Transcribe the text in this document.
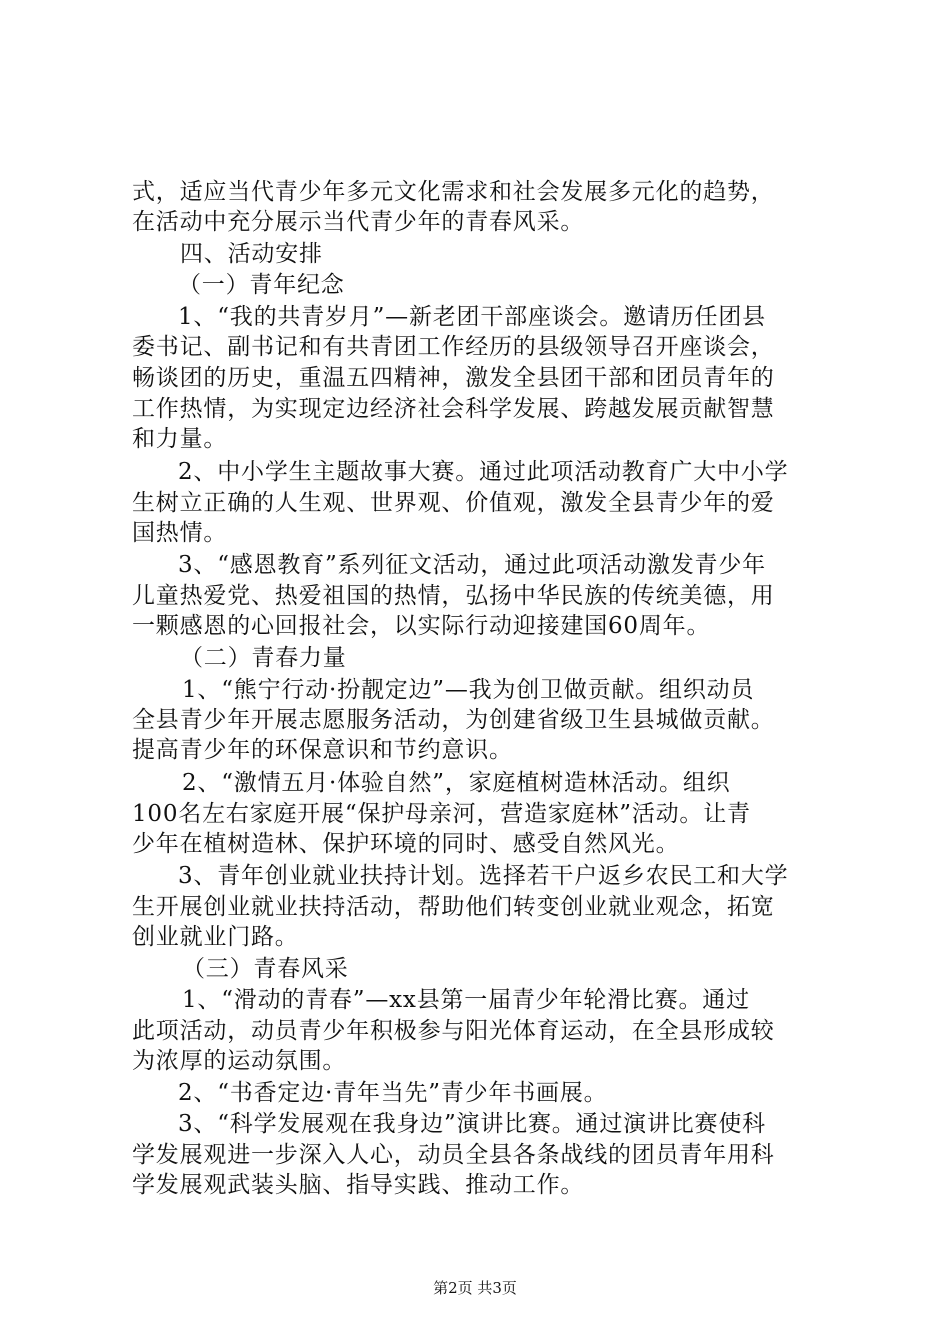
式，适应当代青少年多元文化需求和社会发展多元化的趋势，
在活动中充分展示当代青少年的青春风采。
四、活动安排
（一）青年纪念
1、“我的共青岁月”—新老团干部座谈会。邀请历任团县
委书记、副书记和有共青团工作经历的县级领导召开座谈会，
畅谈团的历史，重温五四精神，激发全县团干部和团员青年的
工作热情，为实现定边经济社会科学发展、跨越发展贡献智慧
和力量。
2、中小学生主题故事大赛。通过此项活动教育广大中小学
生树立正确的人生观、世界观、价值观，激发全县青少年的爱
国热情。
3、“感恩教育”系列征文活动，通过此项活动激发青少年
儿童热爱党、热爱祖国的热情，弘扬中华民族的传统美德，用
一颗感恩的心回报社会，以实际行动迎接建国60周年。
（二）青春力量
1、“熊宁行动·扮靓定边”—我为创卫做贡献。组织动员
全县青少年开展志愿服务活动，为创建省级卫生县城做贡献。
提高青少年的环保意识和节约意识。
2、“激情五月·体验自然”，家庭植树造林活动。组织
100名左右家庭开展“保护母亲河，营造家庭林”活动。让青
少年在植树造林、保护环境的同时、感受自然风光。
3、青年创业就业扶持计划。选择若干户返乡农民工和大学
生开展创业就业扶持活动，帮助他们转变创业就业观念，拓宽
创业就业门路。
（三）青春风采
1、“滑动的青春”—xx县第一届青少年轮滑比赛。通过
此项活动，动员青少年积极参与阳光体育运动，在全县形成较
为浓厚的运动氛围。
2、“书香定边·青年当先”青少年书画展。
3、“科学发展观在我身边”演讲比赛。通过演讲比赛使科
学发展观进一步深入人心，动员全县各条战线的团员青年用科
学发展观武装头脑、指导实践、推动工作。
第2页 共3页
